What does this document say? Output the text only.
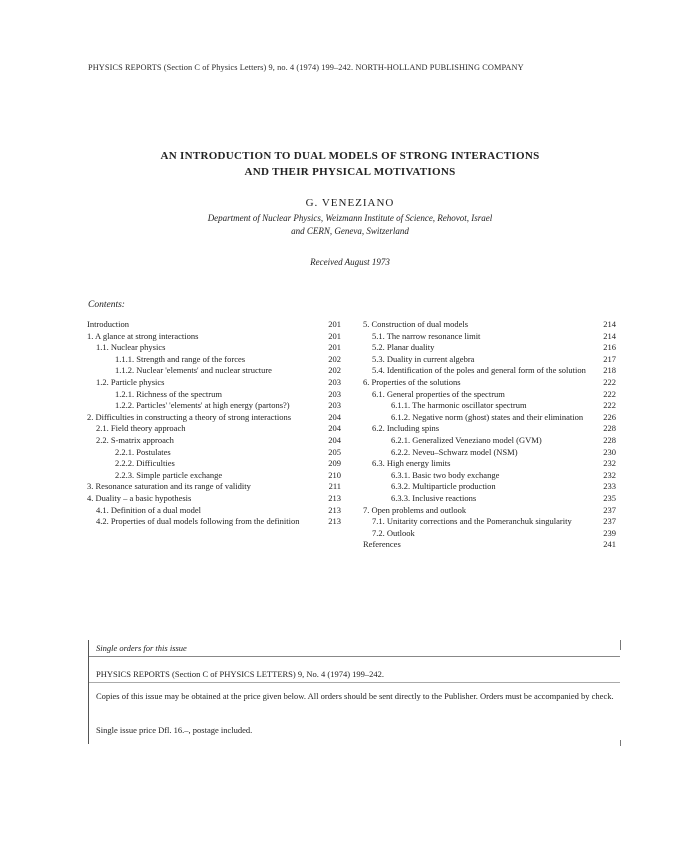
PHYSICS REPORTS (Section C of Physics Letters) 9, no. 4 (1974) 199–242. NORTH-HOLLAND PUBLISHING COMPANY
AN INTRODUCTION TO DUAL MODELS OF STRONG INTERACTIONS
AND THEIR PHYSICAL MOTIVATIONS
G. VENEZIANO
Department of Nuclear Physics, Weizmann Institute of Science, Rehovot, Israel
and CERN, Geneva, Switzerland
Received August 1973
Contents:
Introduction	201
1. A glance at strong interactions	201
1.1. Nuclear physics	201
1.1.1. Strength and range of the forces	202
1.1.2. Nuclear 'elements' and nuclear structure	202
1.2. Particle physics	203
1.2.1. Richness of the spectrum	203
1.2.2. Particles' 'elements' at high energy (partons?)	203
2. Difficulties in constructing a theory of strong interactions	204
2.1. Field theory approach	204
2.2. S-matrix approach	204
2.2.1. Postulates	205
2.2.2. Difficulties	209
2.2.3. Simple particle exchange	210
3. Resonance saturation and its range of validity	211
4. Duality – a basic hypothesis	213
4.1. Definition of a dual model	213
4.2. Properties of dual models following from the definition	213
5. Construction of dual models	214
5.1. The narrow resonance limit	214
5.2. Planar duality	216
5.3. Duality in current algebra	217
5.4. Identification of the poles and general form of the solution	218
6. Properties of the solutions	222
6.1. General properties of the spectrum	222
6.1.1. The harmonic oscillator spectrum	222
6.1.2. Negative norm (ghost) states and their elimination	226
6.2. Including spins	228
6.2.1. Generalized Veneziano model (GVM)	228
6.2.2. Neveu–Schwarz model (NSM)	230
6.3. High energy limits	232
6.3.1. Basic two body exchange	232
6.3.2. Multiparticle production	233
6.3.3. Inclusive reactions	235
7. Open problems and outlook	237
7.1. Unitarity corrections and the Pomeranchuk singularity	237
7.2. Outlook	239
References	241
Single orders for this issue
PHYSICS REPORTS (Section C of PHYSICS LETTERS) 9, No. 4 (1974) 199–242.
Copies of this issue may be obtained at the price given below. All orders should be sent directly to the Publisher. Orders must be accompanied by check.
Single issue price Dfl. 16.–, postage included.
